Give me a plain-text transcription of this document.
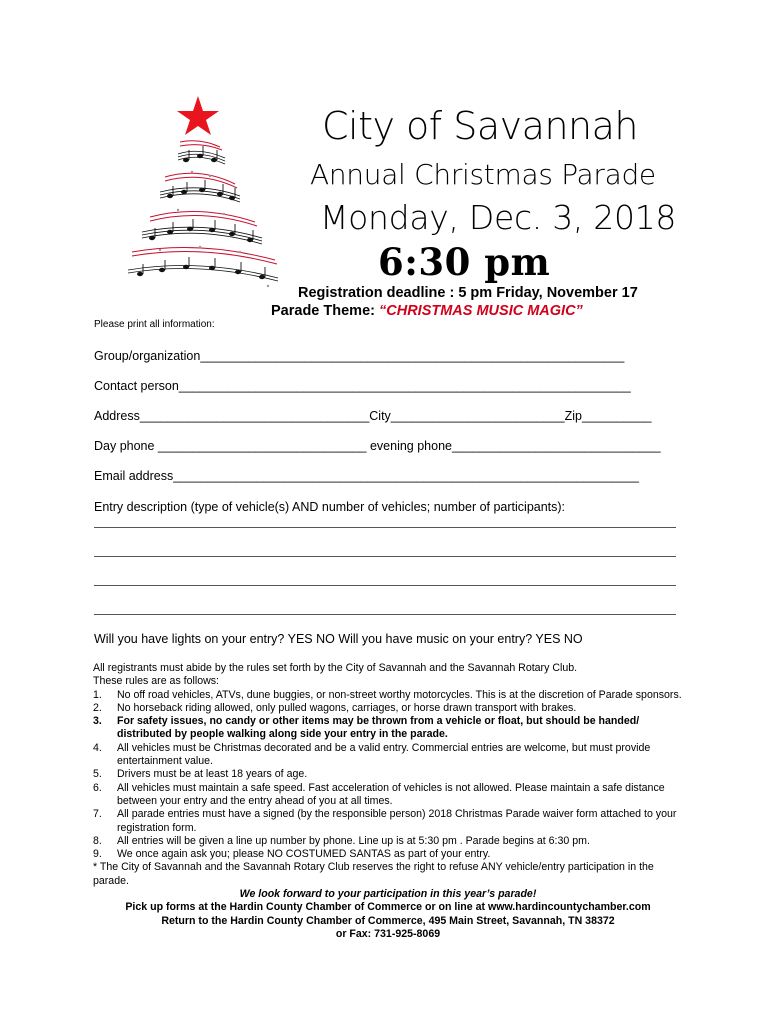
City of Savannah
Annual Christmas Parade
Monday, Dec. 3, 2018
6:30 pm
Registration deadline : 5 pm Friday, November 17
Parade Theme: “CHRISTMAS MUSIC MAGIC”
Please print all information:
Group/organization_____________________________________________________________
Contact person_________________________________________________________________
Address_________________________________City_________________________Zip__________
Day phone ______________________________ evening phone______________________________
Email address___________________________________________________________________
Entry description (type of vehicle(s) AND number of vehicles; number of participants):
Will you have lights on your entry? YES NO Will you have music on your entry? YES NO

All registrants must abide by the rules set forth by the City of Savannah and the Savannah Rotary Club.

These rules are as follows:

1. No off road vehicles, ATVs, dune buggies, or non-street worthy motorcycles. This is at the discretion of Parade sponsors.
2. No horseback riding allowed, only pulled wagons, carriages, or horse drawn transport with brakes.
3. For safety issues, no candy or other items may be thrown from a vehicle or float, but should be handed/ distributed by people walking along side your entry in the parade.
4. All vehicles must be Christmas decorated and be a valid entry. Commercial entries are welcome, but must provide entertainment value.
5. Drivers must be at least 18 years of age.
6. All vehicles must maintain a safe speed. Fast acceleration of vehicles is not allowed. Please maintain a safe distance between your entry and the entry ahead of you at all times.
7. All parade entries must have a signed (by the responsible person) 2018 Christmas Parade waiver form attached to your registration form.
8. All entries will be given a line up number by phone. Line up is at 5:30 pm . Parade begins at 6:30 pm.
9. We once again ask you; please NO COSTUMED SANTAS as part of your entry.

* The City of Savannah and the Savannah Rotary Club reserves the right to refuse ANY vehicle/entry participation in the parade.

We look forward to your participation in this year’s parade!

Pick up forms at the Hardin County Chamber of Commerce or on line at www.hardincountychamber.com

Return to the Hardin County Chamber of Commerce, 495 Main Street, Savannah, TN 38372

or Fax: 731-925-8069
